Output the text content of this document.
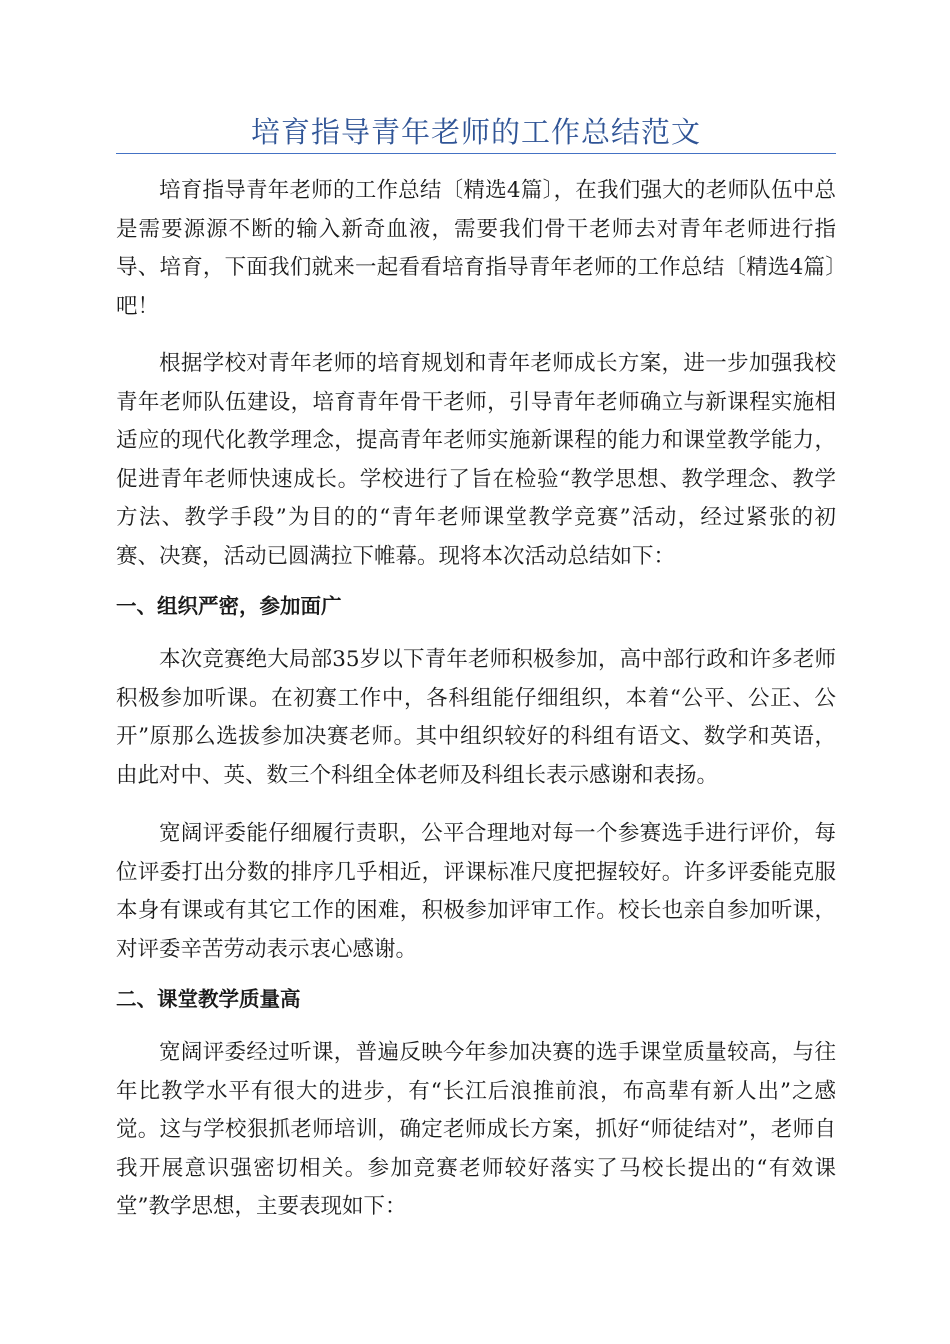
培育指导青年老师的工作总结范文

培育指导青年老师的工作总结〔精选4篇〕，在我们强大的老师队伍中总是需要源源不断的输入新奇血液，需要我们骨干老师去对青年老师进行指导、培育，下面我们就来一起看看培育指导青年老师的工作总结〔精选4篇〕吧！

根据学校对青年老师的培育规划和青年老师成长方案，进一步加强我校青年老师队伍建设，培育青年骨干老师，引导青年老师确立与新课程实施相适应的现代化教学理念，提高青年老师实施新课程的能力和课堂教学能力，促进青年老师快速成长。学校进行了旨在检验“教学思想、教学理念、教学方法、教学手段”为目的的“青年老师课堂教学竞赛”活动，经过紧张的初赛、决赛，活动已圆满拉下帷幕。现将本次活动总结如下：

一、组织严密，参加面广

本次竞赛绝大局部35岁以下青年老师积极参加，高中部行政和许多老师积极参加听课。在初赛工作中，各科组能仔细组织，本着“公平、公正、公开”原那么选拔参加决赛老师。其中组织较好的科组有语文、数学和英语，由此对中、英、数三个科组全体老师及科组长表示感谢和表扬。

宽阔评委能仔细履行责职，公平合理地对每一个参赛选手进行评价，每位评委打出分数的排序几乎相近，评课标准尺度把握较好。许多评委能克服本身有课或有其它工作的困难，积极参加评审工作。校长也亲自参加听课，对评委辛苦劳动表示衷心感谢。

二、课堂教学质量高

宽阔评委经过听课，普遍反映今年参加决赛的选手课堂质量较高，与往年比教学水平有很大的进步，有“长江后浪推前浪，布高辈有新人出”之感觉。这与学校狠抓老师培训，确定老师成长方案，抓好“师徒结对”，老师自我开展意识强密切相关。参加竞赛老师较好落实了马校长提出的“有效课堂”教学思想，主要表现如下：
